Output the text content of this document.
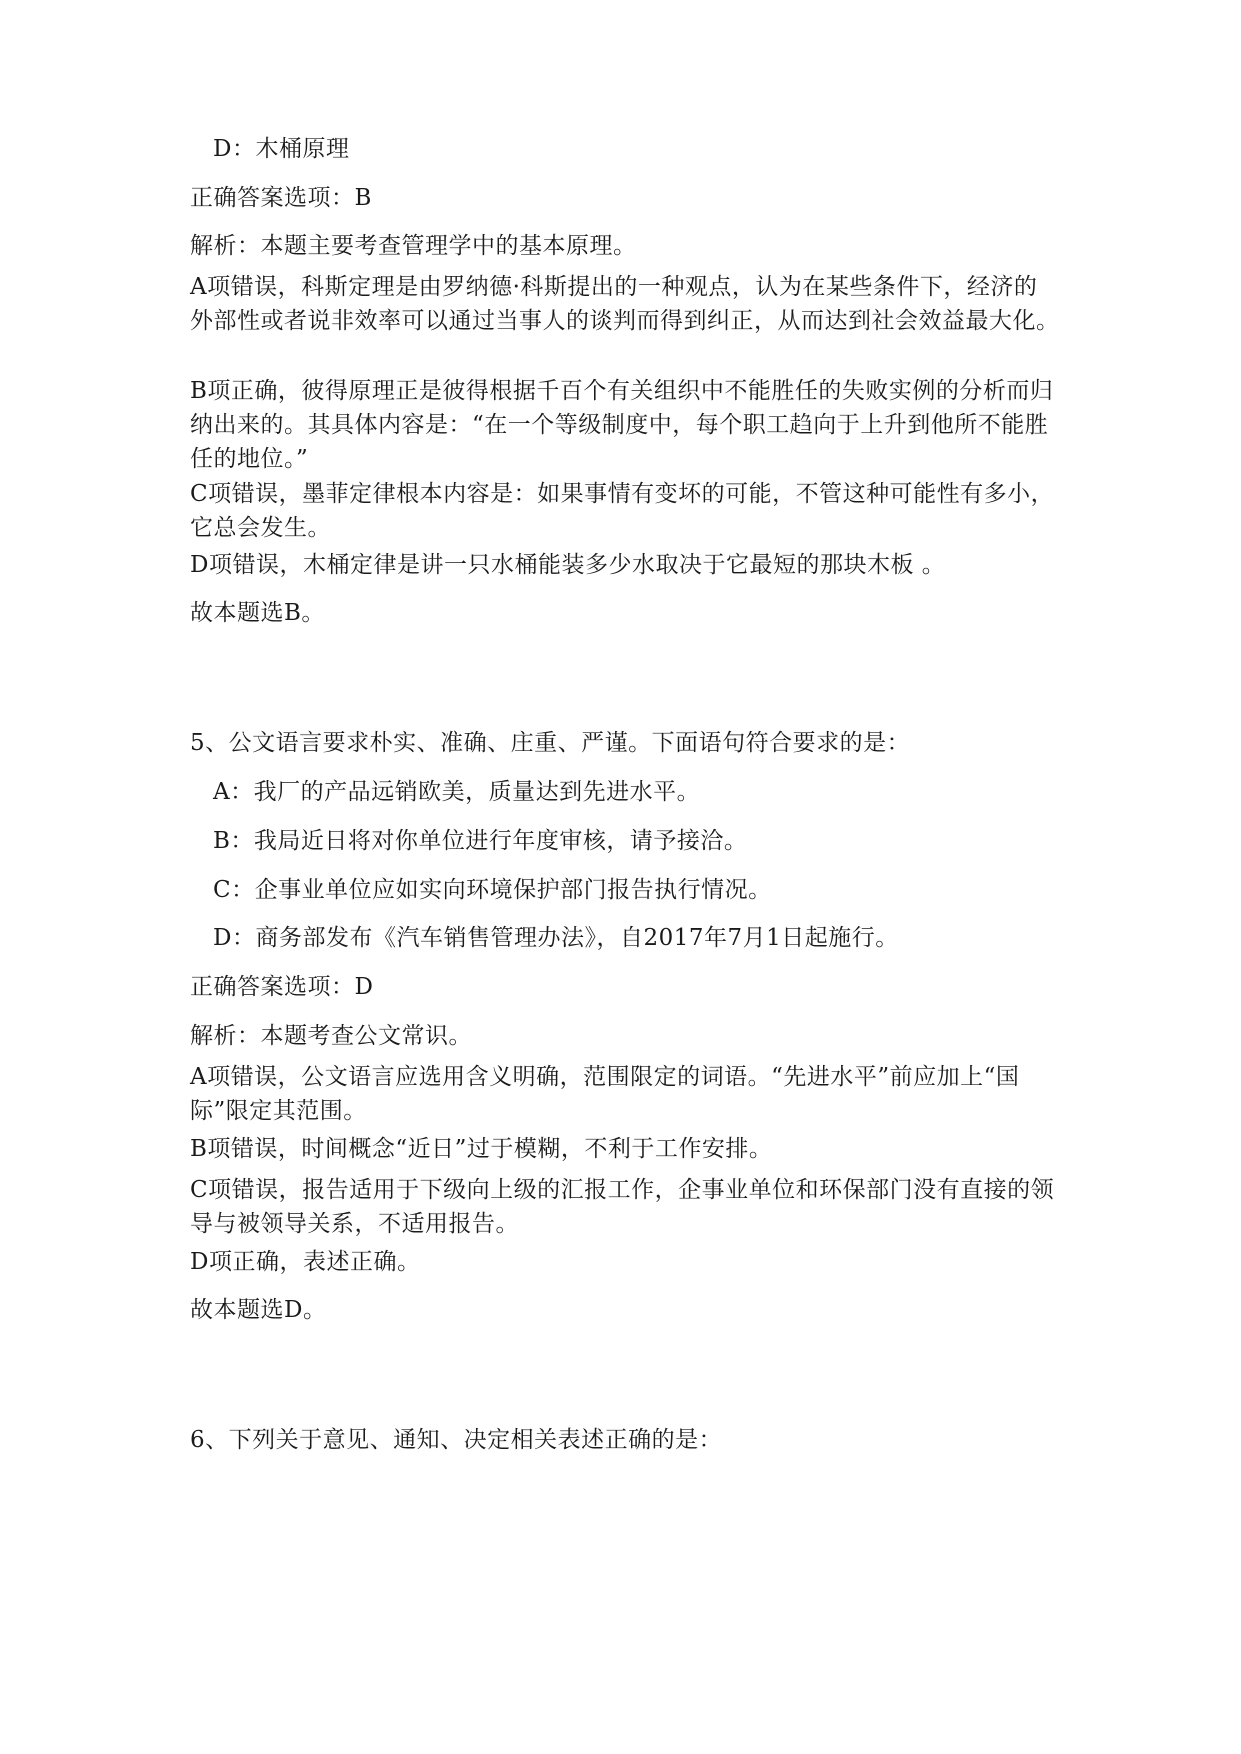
D：木桶原理
正确答案选项：B
解析：本题主要考查管理学中的基本原理。
A项错误，科斯定理是由罗纳德·科斯提出的一种观点，认为在某些条件下，经济的外部性或者说非效率可以通过当事人的谈判而得到纠正，从而达到社会效益最大化。
B项正确，彼得原理正是彼得根据千百个有关组织中不能胜任的失败实例的分析而归纳出来的。其具体内容是：“在一个等级制度中，每个职工趋向于上升到他所不能胜任的地位。”
C项错误，墨菲定律根本内容是：如果事情有变坏的可能，不管这种可能性有多小，它总会发生。
D项错误，木桶定律是讲一只水桶能装多少水取决于它最短的那块木板 。
故本题选B。
5、公文语言要求朴实、准确、庄重、严谨。下面语句符合要求的是：
A：我厂的产品远销欧美，质量达到先进水平。
B：我局近日将对你单位进行年度审核，请予接洽。
C：企事业单位应如实向环境保护部门报告执行情况。
D：商务部发布《汽车销售管理办法》，自2017年7月1日起施行。
正确答案选项：D
解析：本题考查公文常识。
A项错误，公文语言应选用含义明确，范围限定的词语。“先进水平”前应加上“国际”限定其范围。
B项错误，时间概念“近日”过于模糊，不利于工作安排。
C项错误，报告适用于下级向上级的汇报工作，企事业单位和环保部门没有直接的领导与被领导关系，不适用报告。
D项正确，表述正确。
故本题选D。
6、下列关于意见、通知、决定相关表述正确的是：
